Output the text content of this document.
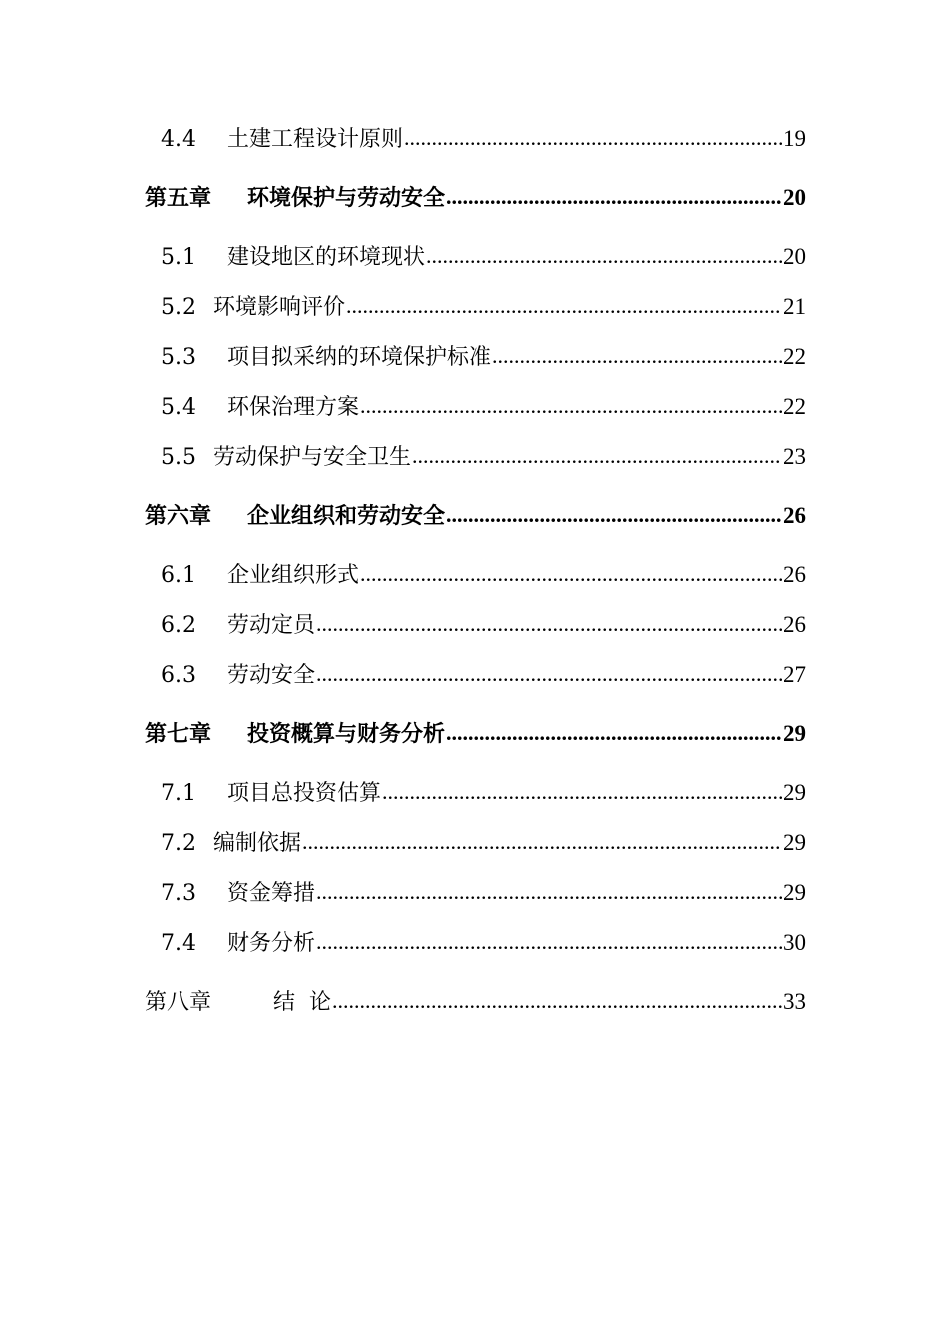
4.4	土建工程设计原则 .....	19
第五章	环境保护与劳动安全 .....	20
5.1	建设地区的环境现状 .....	20
5.2 环境影响评价 .....	21
5.3	项目拟采纳的环境保护标准 .....	22
5.4	环保治理方案 .....	22
5.5 劳动保护与安全卫生 .....	23
第六章	企业组织和劳动安全 .....	26
6.1	企业组织形式 .....	26
6.2	劳动定员 .....	26
6.3	劳动安全 .....	27
第七章	投资概算与财务分析 .....	29
7.1	项目总投资估算 .....	29
7.2 编制依据 .....	29
7.3	资金筹措 .....	29
7.4	财务分析 .....	30
第八章	结  论 .....	33
